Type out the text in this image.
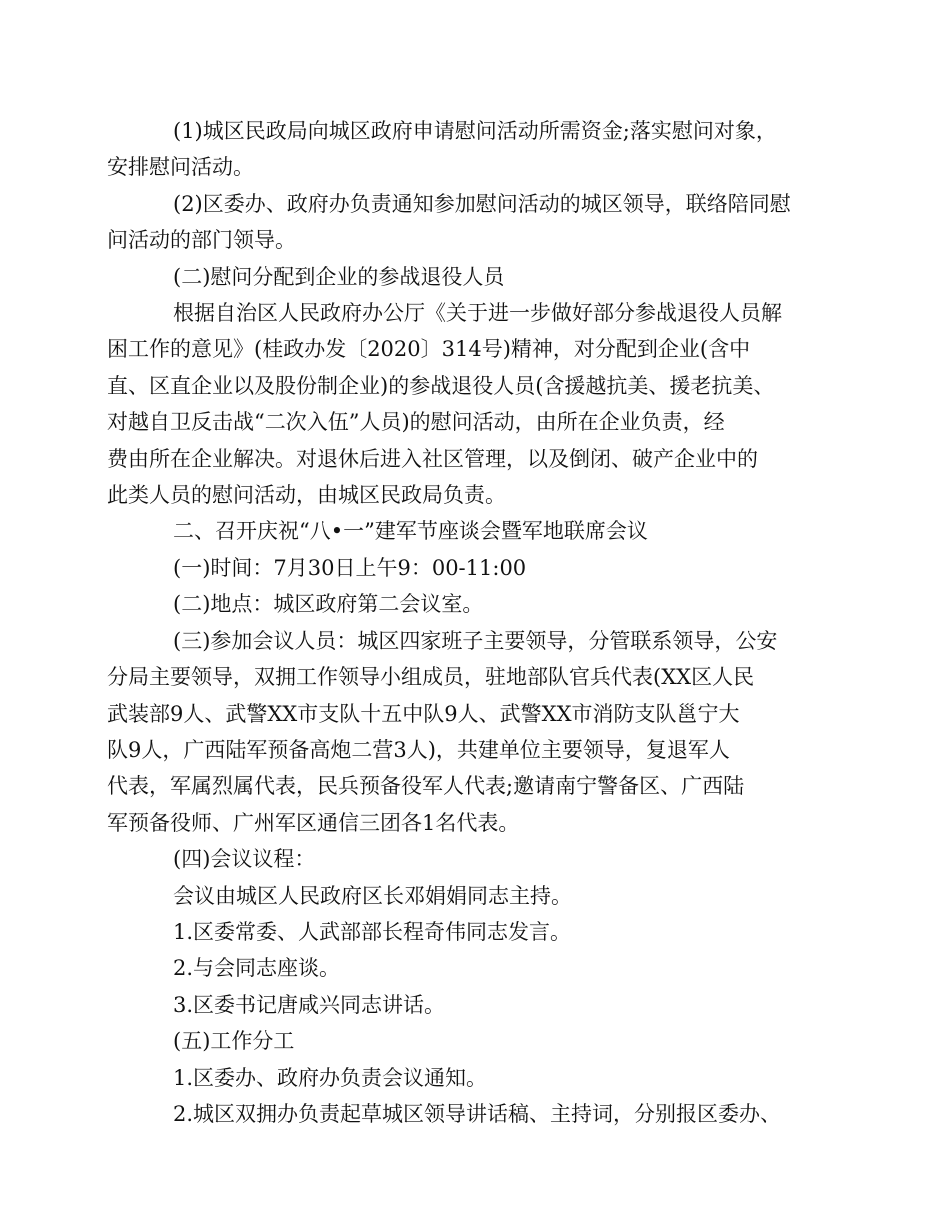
(1)城区民政局向城区政府申请慰问活动所需资金;落实慰问对象，
安排慰问活动。

(2)区委办、政府办负责通知参加慰问活动的城区领导，联络陪同慰
问活动的部门领导。

(二)慰问分配到企业的参战退役人员

根据自治区人民政府办公厅《关于进一步做好部分参战退役人员解
困工作的意见》(桂政办发〔2020〕314号)精神，对分配到企业(含中
直、区直企业以及股份制企业)的参战退役人员(含援越抗美、援老抗美、
对越自卫反击战“二次入伍”人员)的慰问活动，由所在企业负责，经
费由所在企业解决。对退休后进入社区管理，以及倒闭、破产企业中的
此类人员的慰问活动，由城区民政局负责。

二、召开庆祝“八•一”建军节座谈会暨军地联席会议

(一)时间：7月30日上午9：00-11:00

(二)地点：城区政府第二会议室。

(三)参加会议人员：城区四家班子主要领导，分管联系领导，公安
分局主要领导，双拥工作领导小组成员，驻地部队官兵代表(XX区人民
武装部9人、武警XX市支队十五中队9人、武警XX市消防支队邕宁大
队9人，广西陆军预备高炮二营3人)，共建单位主要领导，复退军人
代表，军属烈属代表，民兵预备役军人代表;邀请南宁警备区、广西陆
军预备役师、广州军区通信三团各1名代表。

(四)会议议程：

会议由城区人民政府区长邓娟娟同志主持。

1.区委常委、人武部部长程奇伟同志发言。

2.与会同志座谈。

3.区委书记唐咸兴同志讲话。

(五)工作分工

1.区委办、政府办负责会议通知。

2.城区双拥办负责起草城区领导讲话稿、主持词，分别报区委办、
